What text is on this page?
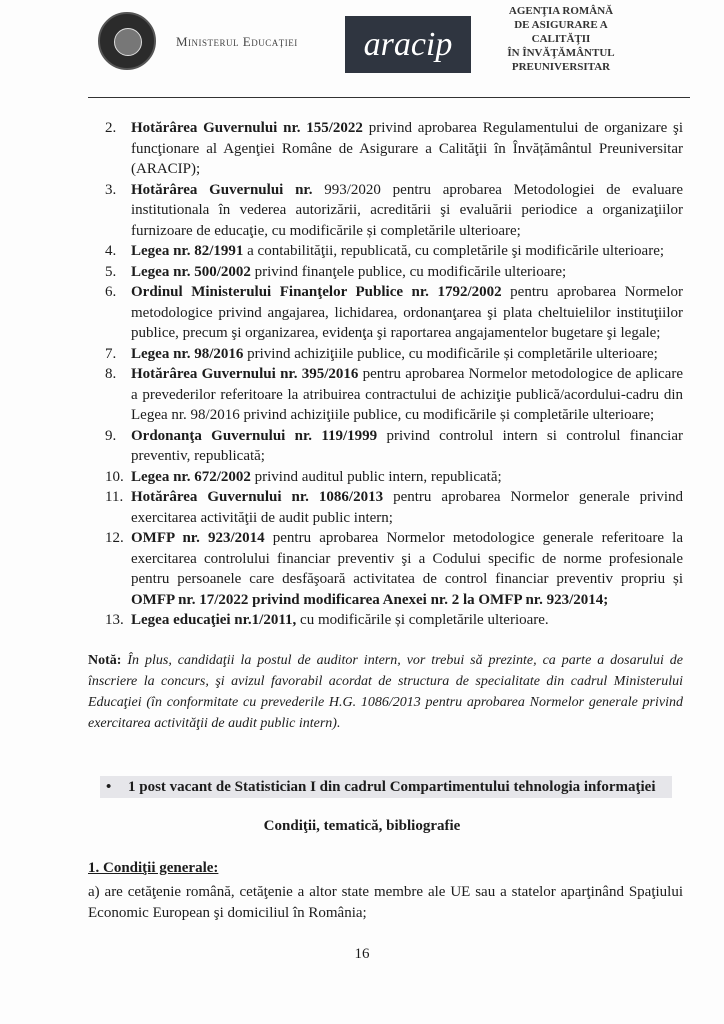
Ministerul Educației	aracip
AGENŢIA ROMÂNĂ
DE ASIGURARE A
CALITĂŢII
ÎN ÎNVĂŢĂMÂNTUL
PREUNIVERSITAR
2. Hotărârea Guvernului nr. 155/2022 privind aprobarea Regulamentului de organizare şi funcţionare al Agenţiei Române de Asigurare a Calităţii în Învățământul Preuniversitar (ARACIP);
3. Hotărârea Guvernului nr. 993/2020 pentru aprobarea Metodologiei de evaluare institutionala în vederea autorizării, acreditării şi evaluării periodice a organizaţiilor furnizoare de educaţie, cu modificările și completările ulterioare;
4. Legea nr. 82/1991 a contabilităţii, republicată, cu completările şi modificările ulterioare;
5. Legea nr. 500/2002 privind finanţele publice, cu modificările ulterioare;
6. Ordinul Ministerului Finanţelor Publice nr. 1792/2002 pentru aprobarea Normelor metodologice privind angajarea, lichidarea, ordonanţarea şi plata cheltuielilor instituţiilor publice, precum şi organizarea, evidenţa şi raportarea angajamentelor bugetare şi legale;
7. Legea nr. 98/2016 privind achiziţiile publice, cu modificările și completările ulterioare;
8. Hotărârea Guvernului nr. 395/2016 pentru aprobarea Normelor metodologice de aplicare a prevederilor referitoare la atribuirea contractului de achiziţie publică/acordului-cadru din Legea nr. 98/2016 privind achiziţiile publice, cu modificările și completările ulterioare;
9. Ordonanţa Guvernului nr. 119/1999 privind controlul intern si controlul financiar preventiv, republicată;
10. Legea nr. 672/2002 privind auditul public intern, republicată;
11. Hotărârea Guvernului nr. 1086/2013 pentru aprobarea Normelor generale privind exercitarea activităţii de audit public intern;
12. OMFP nr. 923/2014 pentru aprobarea Normelor metodologice generale referitoare la exercitarea controlului financiar preventiv şi a Codului specific de norme profesionale pentru persoanele care desfăşoară activitatea de control financiar preventiv propriu și OMFP nr. 17/2022 privind modificarea Anexei nr. 2 la OMFP nr. 923/2014;
13. Legea educaţiei nr.1/2011, cu modificările și completările ulterioare.
Notă: În plus, candidaţii la postul de auditor intern, vor trebui să prezinte, ca parte a dosarului de înscriere la concurs, şi avizul favorabil acordat de structura de specialitate din cadrul Ministerului Educaţiei (în conformitate cu prevederile H.G. 1086/2013 pentru aprobarea Normelor generale privind exercitarea activităţii de audit public intern).
• 1 post vacant de Statistician I din cadrul Compartimentului tehnologia informaţiei
Condiţii, tematică, bibliografie
1. Condiţii generale:
a) are cetăţenie română, cetăţenie a altor state membre ale UE sau a statelor aparţinând Spaţiului Economic European şi domiciliul în România;
16
